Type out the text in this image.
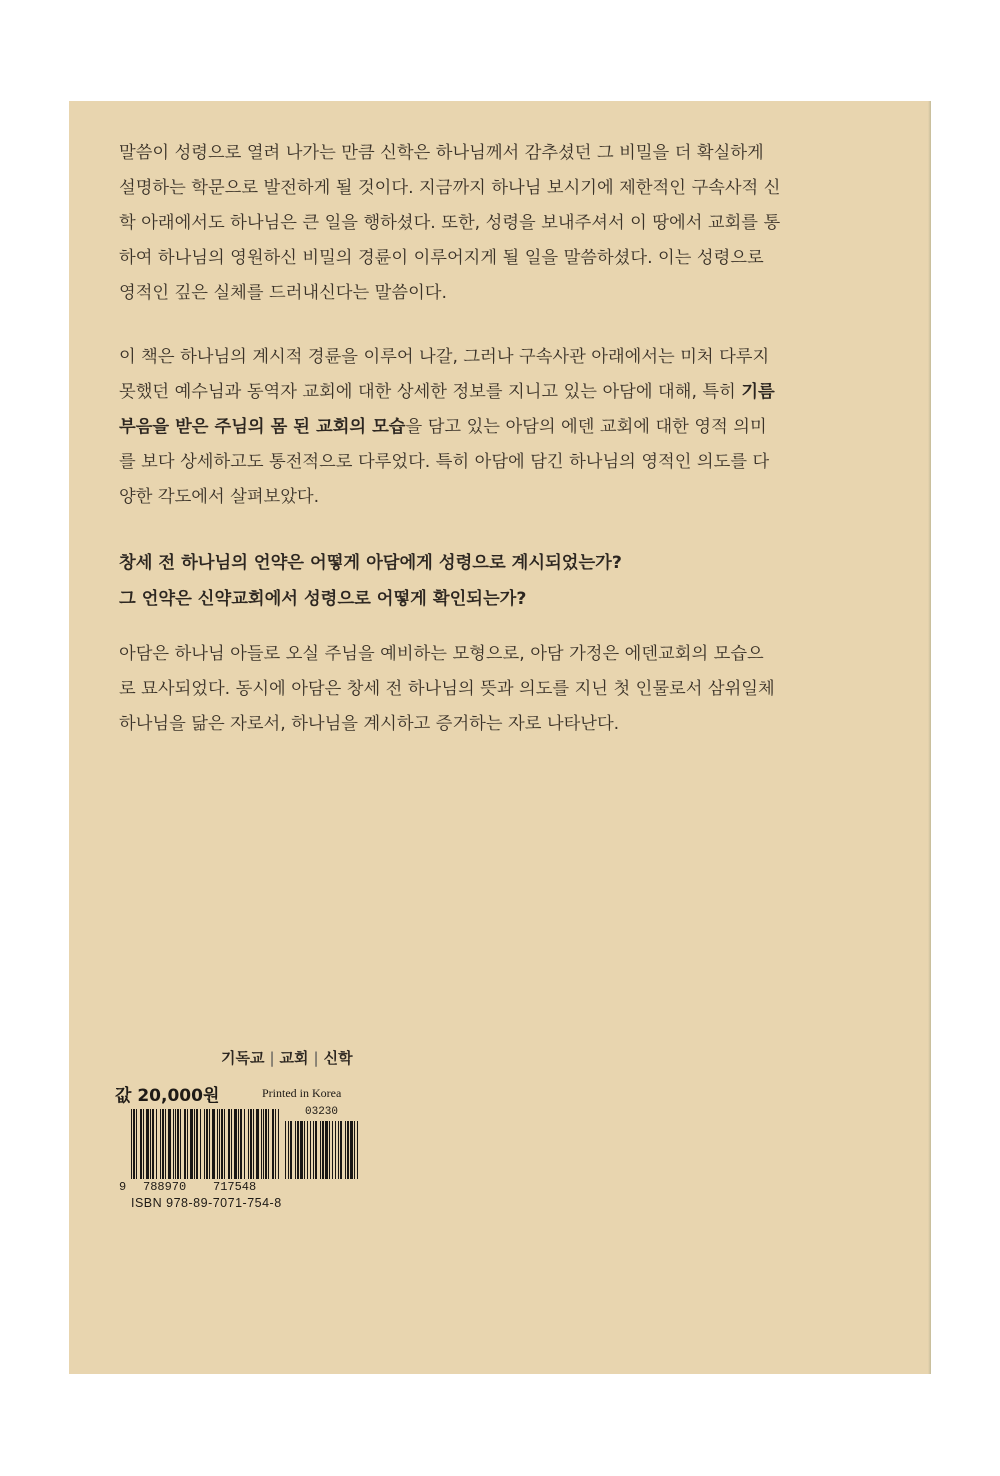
말씀이 성령으로 열려 나가는 만큼 신학은 하나님께서 감추셨던 그 비밀을 더 확실하게
설명하는 학문으로 발전하게 될 것이다. 지금까지 하나님 보시기에 제한적인 구속사적 신
학 아래에서도 하나님은 큰 일을 행하셨다. 또한, 성령을 보내주셔서 이 땅에서 교회를 통
하여 하나님의 영원하신 비밀의 경륜이 이루어지게 될 일을 말씀하셨다. 이는 성령으로
영적인 깊은 실체를 드러내신다는 말씀이다.
이 책은 하나님의 계시적 경륜을 이루어 나갈, 그러나 구속사관 아래에서는 미처 다루지
못했던 예수님과 동역자 교회에 대한 상세한 정보를 지니고 있는 아담에 대해, 특히 기름
부음을 받은 주님의 몸 된 교회의 모습을 담고 있는 아담의 에덴 교회에 대한 영적 의미
를 보다 상세하고도 통전적으로 다루었다. 특히 아담에 담긴 하나님의 영적인 의도를 다
양한 각도에서 살펴보았다.
창세 전 하나님의 언약은 어떻게 아담에게 성령으로 계시되었는가?
그 언약은 신약교회에서 성령으로 어떻게 확인되는가?
아담은 하나님 아들로 오실 주님을 예비하는 모형으로, 아담 가정은 에덴교회의 모습으
로 묘사되었다. 동시에 아담은 창세 전 하나님의 뜻과 의도를 지닌 첫 인물로서 삼위일체
하나님을 닮은 자로서, 하나님을 계시하고 증거하는 자로 나타난다.
기독교 | 교회 | 신학
값 20,000원	Printed in Korea
03230
9 788970 717548
ISBN 978-89-7071-754-8
